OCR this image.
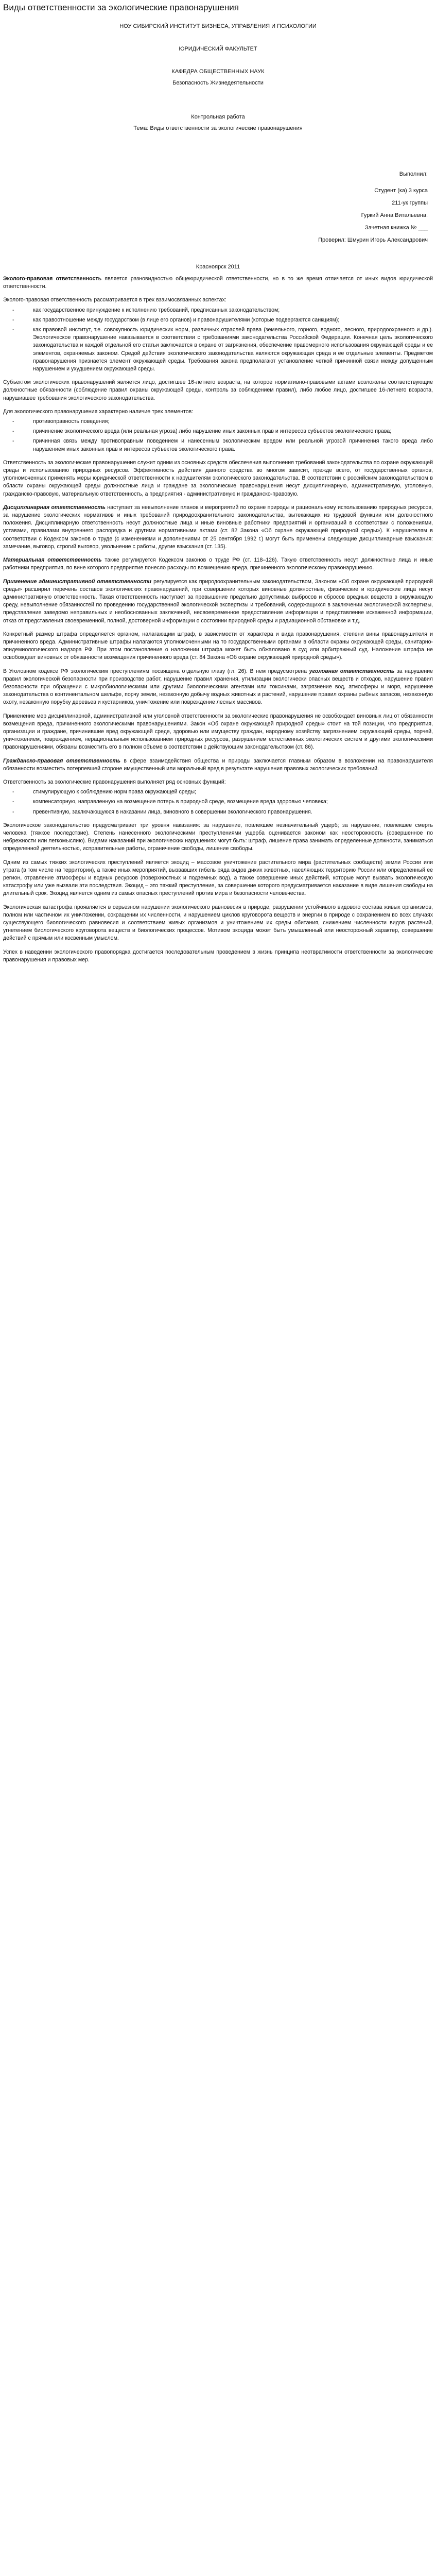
Виды ответственности за экологические правонарушения

НОУ СИБИРСКИЙ ИНСТИТУТ БИЗНЕСА, УПРАВЛЕНИЯ И ПСИХОЛОГИИ

ЮРИДИЧЕСКИЙ ФАКУЛЬТЕТ

КАФЕДРА ОБЩЕСТВЕННЫХ НАУК

Безопасность Жизнедеятельности

Контрольная работа

Тема: Виды ответственности за экологические правонарушения

Выполнил:

Студент (ка) 3 курса

211-ук группы

Гуркий Анна Витальевна.

Зачетная книжка № ___

Проверил: Шмурин Игорь Александрович

Красноярск 2011

Эколого-правовая ответственность является разновидностью общеюридической ответственности, но в то же время отличается от иных видов юридической ответственности.

Эколого-правовая ответственность рассматривается в трех взаимосвязанных аспектах:

-	как государственное принуждение к исполнению требований, предписанных законодательством;

-	как правоотношение между государством (в лице его органов) и правонарушителями (которые подвергаются санкциям);

-	как правовой институт, т.е. совокупность юридических норм, различных отраслей права (земельного, горного, водного, лесного, природоохранного и др.). Экологическое правонарушение наказывается в соответствии с требованиями законодательства Российской Федерации. Конечная цель экологического законодательства и каждой отдельной его статьи заключается в охране от загрязнения, обеспечение правомерного использования окружающей среды и ее элементов, охраняемых законом. Средой действия экологического законодательства являются окружающая среда и ее отдельные элементы. Предметом правонарушения признается элемент окружающей среды. Требования закона предполагают установление четкой причинной связи между допущенным нарушением и ухудшением окружающей среды.

Субъектом экологических правонарушений является лицо, достигшее 16-летнего возраста, на которое нормативно-правовыми актами возложены соответствующие должностные обязанности (соблюдение правил охраны окружающей среды, контроль за соблюдением правил), либо любое лицо, достигшее 16-летнего возраста, нарушившее требования экологического законодательства.

Для экологического правонарушения характерно наличие трех элементов:

-	противоправность поведения;

-	причинение экологического вреда (или реальная угроза) либо нарушение иных законных прав и интересов субъектов экологического права;

-	причинная связь между противоправным поведением и нанесенным экологическим вредом или реальной угрозой причинения такого вреда либо нарушением иных законных прав и интересов субъектов экологического права.

Ответственность за экологические правонарушения служит одним из основных средств обеспечения выполнения требований законодательства по охране окружающей среды и использованию природных ресурсов. Эффективность действия данного средства во многом зависит, прежде всего, от государственных органов, уполномоченных применять меры юридической ответственности к нарушителям экологического законодательства. В соответствии с российским законодательством в области охраны окружающей среды должностные лица и граждане за экологические правонарушения несут дисциплинарную, административную, уголовную, гражданско-правовую, материальную ответственность, а предприятия - административную и гражданско-правовую.

Дисциплинарная ответственность наступает за невыполнение планов и мероприятий по охране природы и рациональному использованию природных ресурсов, за нарушение экологических нормативов и иных требований природоохранительного законодательства, вытекающих из трудовой функции или должностного положения. Дисциплинарную ответственность несут должностные лица и иные виновные работники предприятий и организаций в соответствии с положениями, уставами, правилами внутреннего распорядка и другими нормативными актами (ст. 82 Закона «Об охране окружающей природной среды»). К нарушителям в соответствии с Кодексом законов о труде (с изменениями и дополнениями от 25 сентября 1992 г.) могут быть применены следующие дисциплинарные взыскания: замечание, выговор, строгий выговор, увольнение с работы, другие взыскания (ст. 135).

Материальная ответственность также регулируется Кодексом законов о труде РФ (ст. 118–126). Такую ответственность несут должностные лица и иные работники предприятия, по вине которого предприятие понесло расходы по возмещению вреда, причиненного экологическому правонарушению.

Применение административной ответственности регулируется как природоохранительным законодательством, Законом «Об охране окружающей природной среды» расширил перечень составов экологических правонарушений, при совершении которых виновные должностные, физические и юридические лица несут административную ответственность. Такая ответственность наступает за превышение предельно допустимых выбросов и сбросов вредных веществ в окружающую среду, невыполнение обязанностей по проведению государственной экологической экспертизы и требований, содержащихся в заключении экологической экспертизы, представление заведомо неправильных и необоснованных заключений, несвоевременное предоставление информации и представление искаженной информации, отказ от представления своевременной, полной, достоверной информации о состоянии природной среды и радиационной обстановке и т.д.

Конкретный размер штрафа определяется органом, налагающим штраф, в зависимости от характера и вида правонарушения, степени вины правонарушителя и причиненного вреда. Административные штрафы налагаются уполномоченными на то государственными органами в области охраны окружающей среды, санитарно-эпидемиологического надзора РФ. При этом постановление о наложении штрафа может быть обжаловано в суд или арбитражный суд. Наложение штрафа не освобождает виновных от обязанности возмещения причиненного вреда (ст. 84 Закона «Об охране окружающей природной среды»).

В Уголовном кодексе РФ экологическим преступлениям посвящена отдельную главу (гл. 26). В нем предусмотрена уголовная ответственность за нарушение правил экологической безопасности при производстве работ, нарушение правил хранения, утилизации экологически опасных веществ и отходов, нарушение правил безопасности при обращении с микробиологическими или другими биологическими агентами или токсинами, загрязнение вод, атмосферы и моря, нарушение законодательства о континентальном шельфе, порчу земли, незаконную добычу водных животных и растений, нарушение правил охраны рыбных запасов, незаконную охоту, незаконную порубку деревьев и кустарников, уничтожение или повреждение лесных массивов.

Применение мер дисциплинарной, административной или уголовной ответственности за экологические правонарушения не освобождает виновных лиц от обязанности возмещения вреда, причиненного экологическими правонарушениями. Закон «Об охране окружающей природной среды» стоит на той позиции, что предприятия, организации и граждане, причинившие вред окружающей среде, здоровью или имуществу граждан, народному хозяйству загрязнением окружающей среды, порчей, уничтожением, повреждением, нерациональным использованием природных ресурсов, разрушением естественных экологических систем и другими экологическими правонарушениями, обязаны возместить его в полном объеме в соответствии с действующим законодательством (ст. 86).

Гражданско-правовая ответственность в сфере взаимодействия общества и природы заключается главным образом в возложении на правонарушителя обязанности возместить потерпевшей стороне имущественный или моральный вред в результате нарушения правовых экологических требований.

Ответственность за экологические правонарушения выполняет ряд основных функций:

-	стимулирующую к соблюдению норм права окружающей среды;

-	компенсаторную, направленную на возмещение потерь в природной среде, возмещение вреда здоровью человека;

-	превентивную, заключающуюся в наказании лица, виновного в совершении экологического правонарушения.

Экологическое законодательство предусматривает три уровня наказания: за нарушение, повлекшее незначительный ущерб; за нарушение, повлекшее смерть человека (тяжкое последствие). Степень нанесенного экологическими преступлениями ущерба оценивается законом как неосторожность (совершенное по небрежности или легкомыслию). Видами наказаний при экологических нарушениях могут быть: штраф, лишение права занимать определенные должности, заниматься определенной деятельностью, исправительные работы, ограничение свободы, лишение свободы.

Одним из самых тяжких экологических преступлений является экоцид – массовое уничтожение растительного мира (растительных сообществ) земли России или утрата (в том числе на территории), а также иных мероприятий, вызвавших гибель ряда видов диких животных, населяющих территорию России или определенный ее регион, отравление атмосферы и водных ресурсов (поверхностных и подземных вод), а также совершение иных действий, которые могут вызвать экологическую катастрофу или уже вызвали эти последствия. Экоцид – это тяжкий преступление, за совершение которого предусматривается наказание в виде лишения свободы на длительный срок. Экоцид является одним из самых опасных преступлений против мира и безопасности человечества.

Экологическая катастрофа проявляется в серьезном нарушении экологического равновесия в природе, разрушении устойчивого видового состава живых организмов, полном или частичном их уничтожении, сокращении их численности, и нарушением циклов круговорота веществ и энергии в природе с сохранением во всех случаях существующего биологического равновесия и соответствием живых организмов и уничтожением их среды обитания, снижением численности видов растений, угнетением биологического круговорота веществ и биологических процессов. Мотивом экоцида может быть умышленный или неосторожный характер, совершение действий с прямым или косвенным умыслом.

Успех в наведении экологического правопорядка достигается последовательным проведением в жизнь принципа неотвратимости ответственности за экологические правонарушения и правовых мер.
